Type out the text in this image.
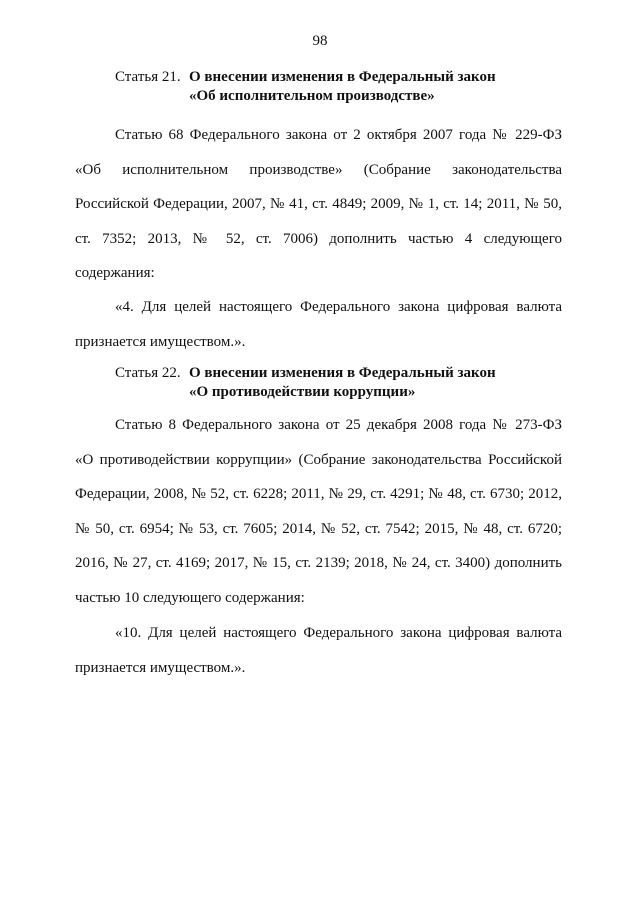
98
Статья 21. О внесении изменения в Федеральный закон
«Об исполнительном производстве»
Статью 68 Федерального закона от 2 октября 2007 года № 229-ФЗ
«Об исполнительном производстве» (Собрание законодательства
Российской Федерации, 2007, № 41, ст. 4849; 2009, № 1, ст. 14; 2011, № 50,
ст. 7352; 2013, № 52, ст. 7006) дополнить частью 4 следующего
содержания:
«4. Для целей настоящего Федерального закона цифровая валюта
признается имуществом.».
Статья 22. О внесении изменения в Федеральный закон
«О противодействии коррупции»
Статью 8 Федерального закона от 25 декабря 2008 года № 273-ФЗ
«О противодействии коррупции» (Собрание законодательства Российской
Федерации, 2008, № 52, ст. 6228; 2011, № 29, ст. 4291; № 48, ст. 6730; 2012,
№ 50, ст. 6954; № 53, ст. 7605; 2014, № 52, ст. 7542; 2015, № 48, ст. 6720;
2016, № 27, ст. 4169; 2017, № 15, ст. 2139; 2018, № 24, ст. 3400) дополнить
частью 10 следующего содержания:
«10. Для целей настоящего Федерального закона цифровая валюта
признается имуществом.».
